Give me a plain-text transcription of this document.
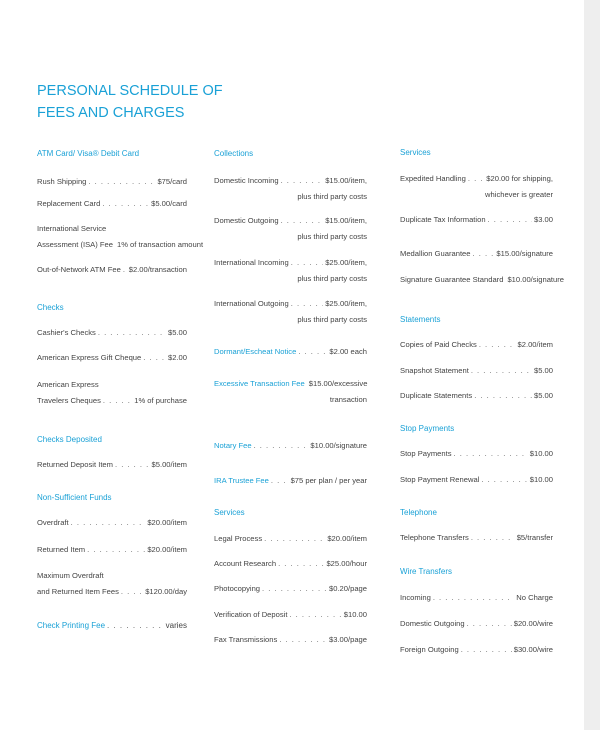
PERSONAL SCHEDULE OF
FEES AND CHARGES
ATM Card/ Visa® Debit Card
Rush Shipping . . .	$75/card
Replacement Card . . .	$5.00/card
International Service
Assessment (ISA) Fee 1% of transaction amount
Out-of-Network ATM Fee . . . $2.00/transaction
Checks
Cashier's Checks . . .	$5.00
American Express Gift Cheque . . .	$2.00
American Express
Travelers Cheques . . .	1% of purchase
Checks Deposited
Returned Deposit Item . . .	$5.00/item
Non-Sufficient Funds
Overdraft . . .	$20.00/item
Returned Item . . .	$20.00/item
Maximum Overdraft
and Returned Item Fees . . .	$120.00/day
Check Printing Fee . . .	varies
Collections
Domestic Incoming . . .	$15.00/item,
plus third party costs
Domestic Outgoing . . .	$15.00/item,
plus third party costs
International Incoming . . .	$25.00/item,
plus third party costs
International Outgoing . . .	$25.00/item,
plus third party costs
Dormant/Escheat Notice . . .	$2.00 each
Excessive Transaction Fee $15.00/excessive
transaction
Notary Fee . . .	$10.00/signature
IRA Trustee Fee . . .	$75 per plan / per year
Services
Legal Process . . .	$20.00/item
Account Research . . .	$25.00/hour
Photocopying . . .	$0.20/page
Verification of Deposit . . .	$10.00
Fax Transmissions . . .	$3.00/page
Services
Expedited Handling . . .	$20.00 for shipping,
whichever is greater
Duplicate Tax Information . . .	$3.00
Medallion Guarantee . . .	$15.00/signature
Signature Guarantee Standard $10.00/signature
Statements
Copies of Paid Checks . . .	$2.00/item
Snapshot Statement . . .	$5.00
Duplicate Statements . . .	$5.00
Stop Payments
Stop Payments . . .	$10.00
Stop Payment Renewal . . .	$10.00
Telephone
Telephone Transfers . . .	$5/transfer
Wire Transfers
Incoming . . .	No Charge
Domestic Outgoing . . .	$20.00/wire
Foreign Outgoing . . .	$30.00/wire
